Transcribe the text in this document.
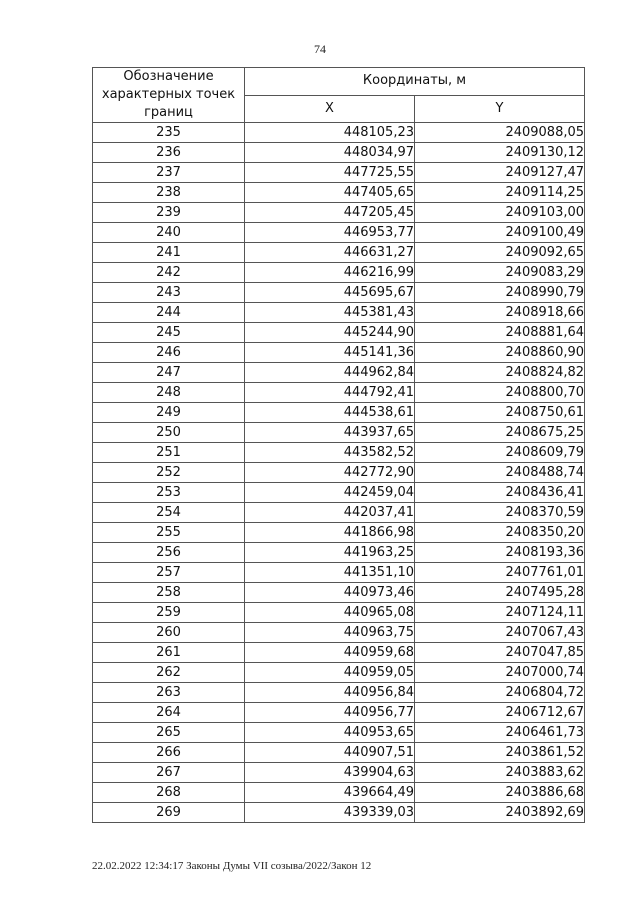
74
Обозначение характерных точек границ	Координаты, м	
	X	Y
235	448105,23	2409088,05
236	448034,97	2409130,12
237	447725,55	2409127,47
238	447405,65	2409114,25
239	447205,45	2409103,00
240	446953,77	2409100,49
241	446631,27	2409092,65
242	446216,99	2409083,29
243	445695,67	2408990,79
244	445381,43	2408918,66
245	445244,90	2408881,64
246	445141,36	2408860,90
247	444962,84	2408824,82
248	444792,41	2408800,70
249	444538,61	2408750,61
250	443937,65	2408675,25
251	443582,52	2408609,79
252	442772,90	2408488,74
253	442459,04	2408436,41
254	442037,41	2408370,59
255	441866,98	2408350,20
256	441963,25	2408193,36
257	441351,10	2407761,01
258	440973,46	2407495,28
259	440965,08	2407124,11
260	440963,75	2407067,43
261	440959,68	2407047,85
262	440959,05	2407000,74
263	440956,84	2406804,72
264	440956,77	2406712,67
265	440953,65	2406461,73
266	440907,51	2403861,52
267	439904,63	2403883,62
268	439664,49	2403886,68
269	439339,03	2403892,69
22.02.2022 12:34:17 Законы Думы VII созыва/2022/Закон 12
